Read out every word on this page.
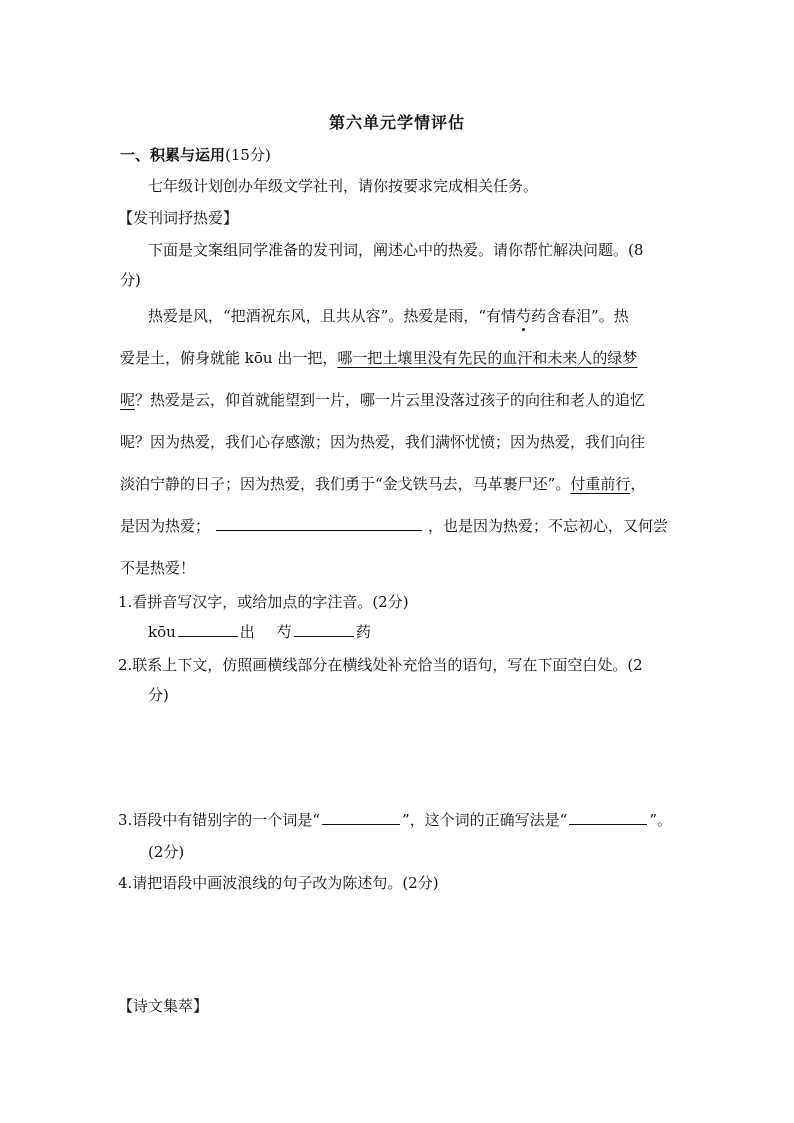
第六单元学情评估
一、积累与运用(15分)
七年级计划创办年级文学社刊，请你按要求完成相关任务。
【发刊词抒热爱】
下面是文案组同学准备的发刊词，阐述心中的热爱。请你帮忙解决问题。(8
分)
热爱是风，“把酒祝东风，且共从容”。热爱是雨，“有情芍药含春泪”。热
爱是土，俯身就能 kōu 出一把，哪一把土壤里没有先民的血汗和未来人的绿梦
呢？热爱是云，仰首就能望到一片，哪一片云里没落过孩子的向往和老人的追忆
呢？因为热爱，我们心存感激；因为热爱，我们满怀忧愤；因为热爱，我们向往
淡泊宁静的日子；因为热爱，我们勇于“金戈铁马去，马革裹尸还”。付重前行，
是因为热爱；	，也是因为热爱；不忘初心，又何尝
不是热爱！
1.看拼音写汉字，或给加点的字注音。(2分)
kōu	出 芍	药
2.联系上下文，仿照画横线部分在横线处补充恰当的语句，写在下面空白处。(2
分)
3.语段中有错别字的一个词是“	”，这个词的正确写法是“	”。
(2分)
4.请把语段中画波浪线的句子改为陈述句。(2分)
【诗文集萃】
